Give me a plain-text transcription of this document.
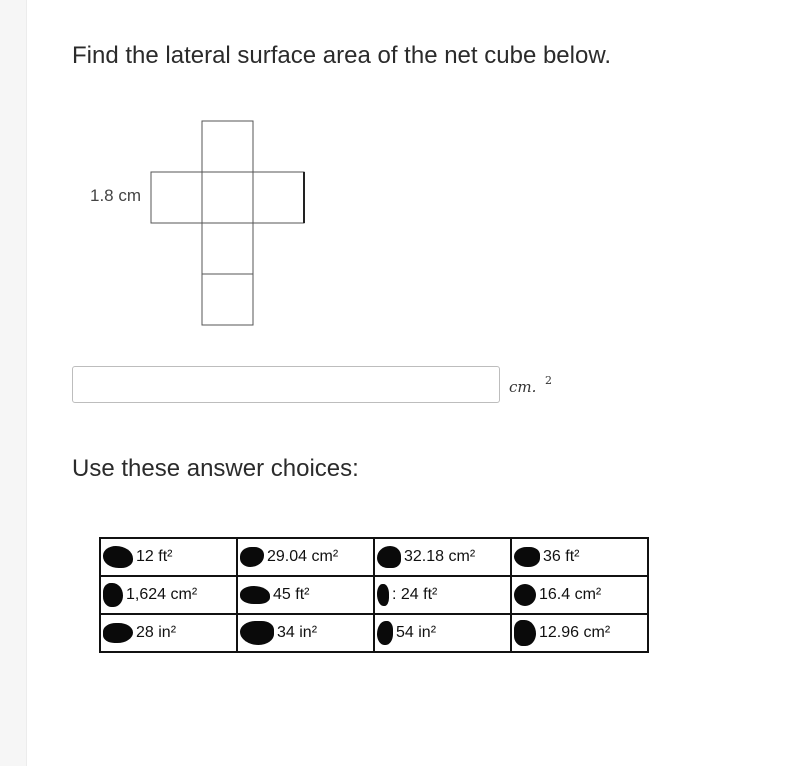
Find the lateral surface area of the net cube below.
1.8 cm
cm. 2
Use these answer choices:
12 ft²	29.04 cm²	32.18 cm²	36 ft²

1,624 cm²	45 ft²	: 24 ft²	16.4 cm²

28 in²	34 in²	54 in²	12.96 cm²
